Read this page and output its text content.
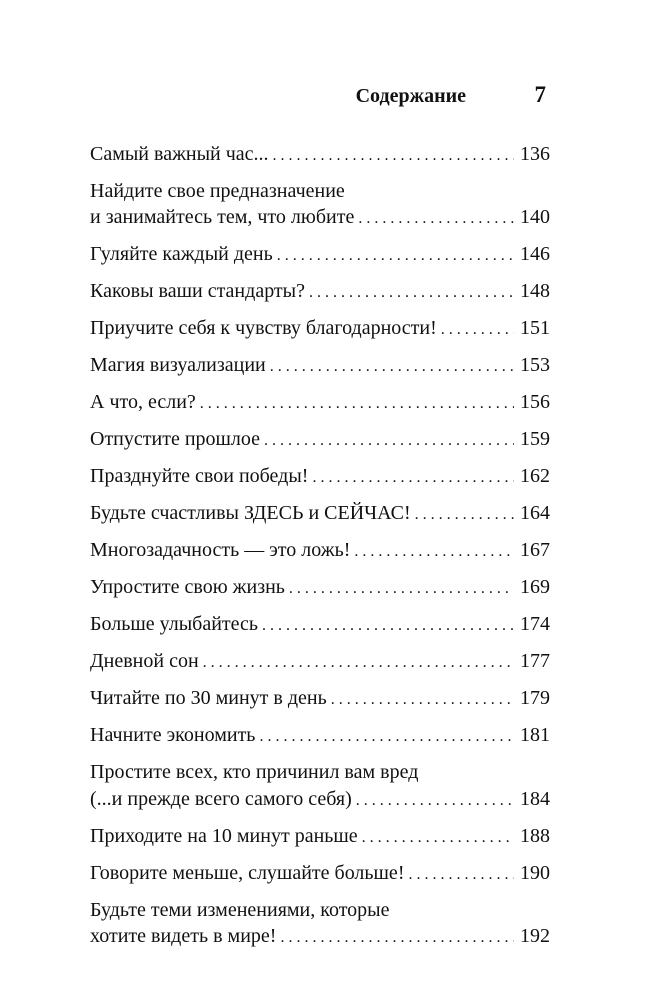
Содержание	7
Самый важный час... . . .	136
Найдите свое предназначение
и занимайтесь тем, что любите . . .	140
Гуляйте каждый день . . .	146
Каковы ваши стандарты? . . .	148
Приучите себя к чувству благодарности! . . .	151
Магия визуализации . . .	153
А что, если? . . .	156
Отпустите прошлое . . .	159
Празднуйте свои победы! . . .	162
Будьте счастливы ЗДЕСЬ и СЕЙЧАС! . . .	164
Многозадачность — это ложь! . . .	167
Упростите свою жизнь . . .	169
Больше улыбайтесь . . .	174
Дневной сон . . .	177
Читайте по 30 минут в день . . .	179
Начните экономить . . .	181
Простите всех, кто причинил вам вред
(...и прежде всего самого себя) . . .	184
Приходите на 10 минут раньше . . .	188
Говорите меньше, слушайте больше! . . .	190
Будьте теми изменениями, которые
хотите видеть в мире! . . .	192
